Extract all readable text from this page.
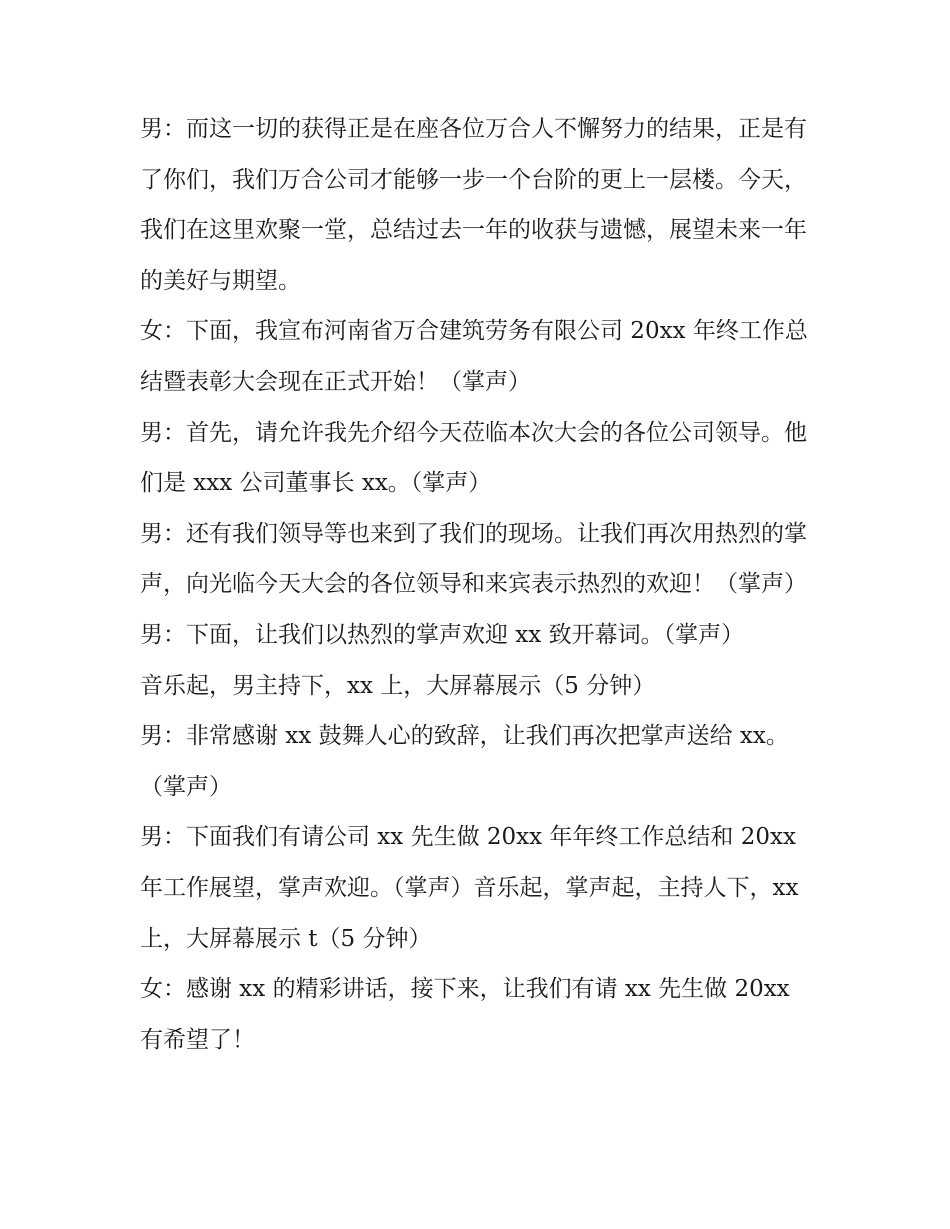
男：而这一切的获得正是在座各位万合人不懈努力的结果，正是有了你们，我们万合公司才能够一步一个台阶的更上一层楼。今天，我们在这里欢聚一堂，总结过去一年的收获与遗憾，展望未来一年的美好与期望。

女：下面，我宣布河南省万合建筑劳务有限公司 20xx 年终工作总结暨表彰大会现在正式开始！（掌声）

男：首先，请允许我先介绍今天莅临本次大会的各位公司领导。他们是 xxx 公司董事长 xx。（掌声）

男：还有我们领导等也来到了我们的现场。让我们再次用热烈的掌声，向光临今天大会的各位领导和来宾表示热烈的欢迎！（掌声）

男：下面，让我们以热烈的掌声欢迎 xx 致开幕词。（掌声）

音乐起，男主持下，xx 上，大屏幕展示（5 分钟）

男：非常感谢 xx 鼓舞人心的致辞，让我们再次把掌声送给 xx。（掌声）

男：下面我们有请公司 xx 先生做 20xx 年年终工作总结和 20xx 年工作展望，掌声欢迎。（掌声）音乐起，掌声起，主持人下，xx 上，大屏幕展示 t（5 分钟）

女：感谢 xx 的精彩讲话，接下来，让我们有请 xx 先生做 20xx 有希望了！
